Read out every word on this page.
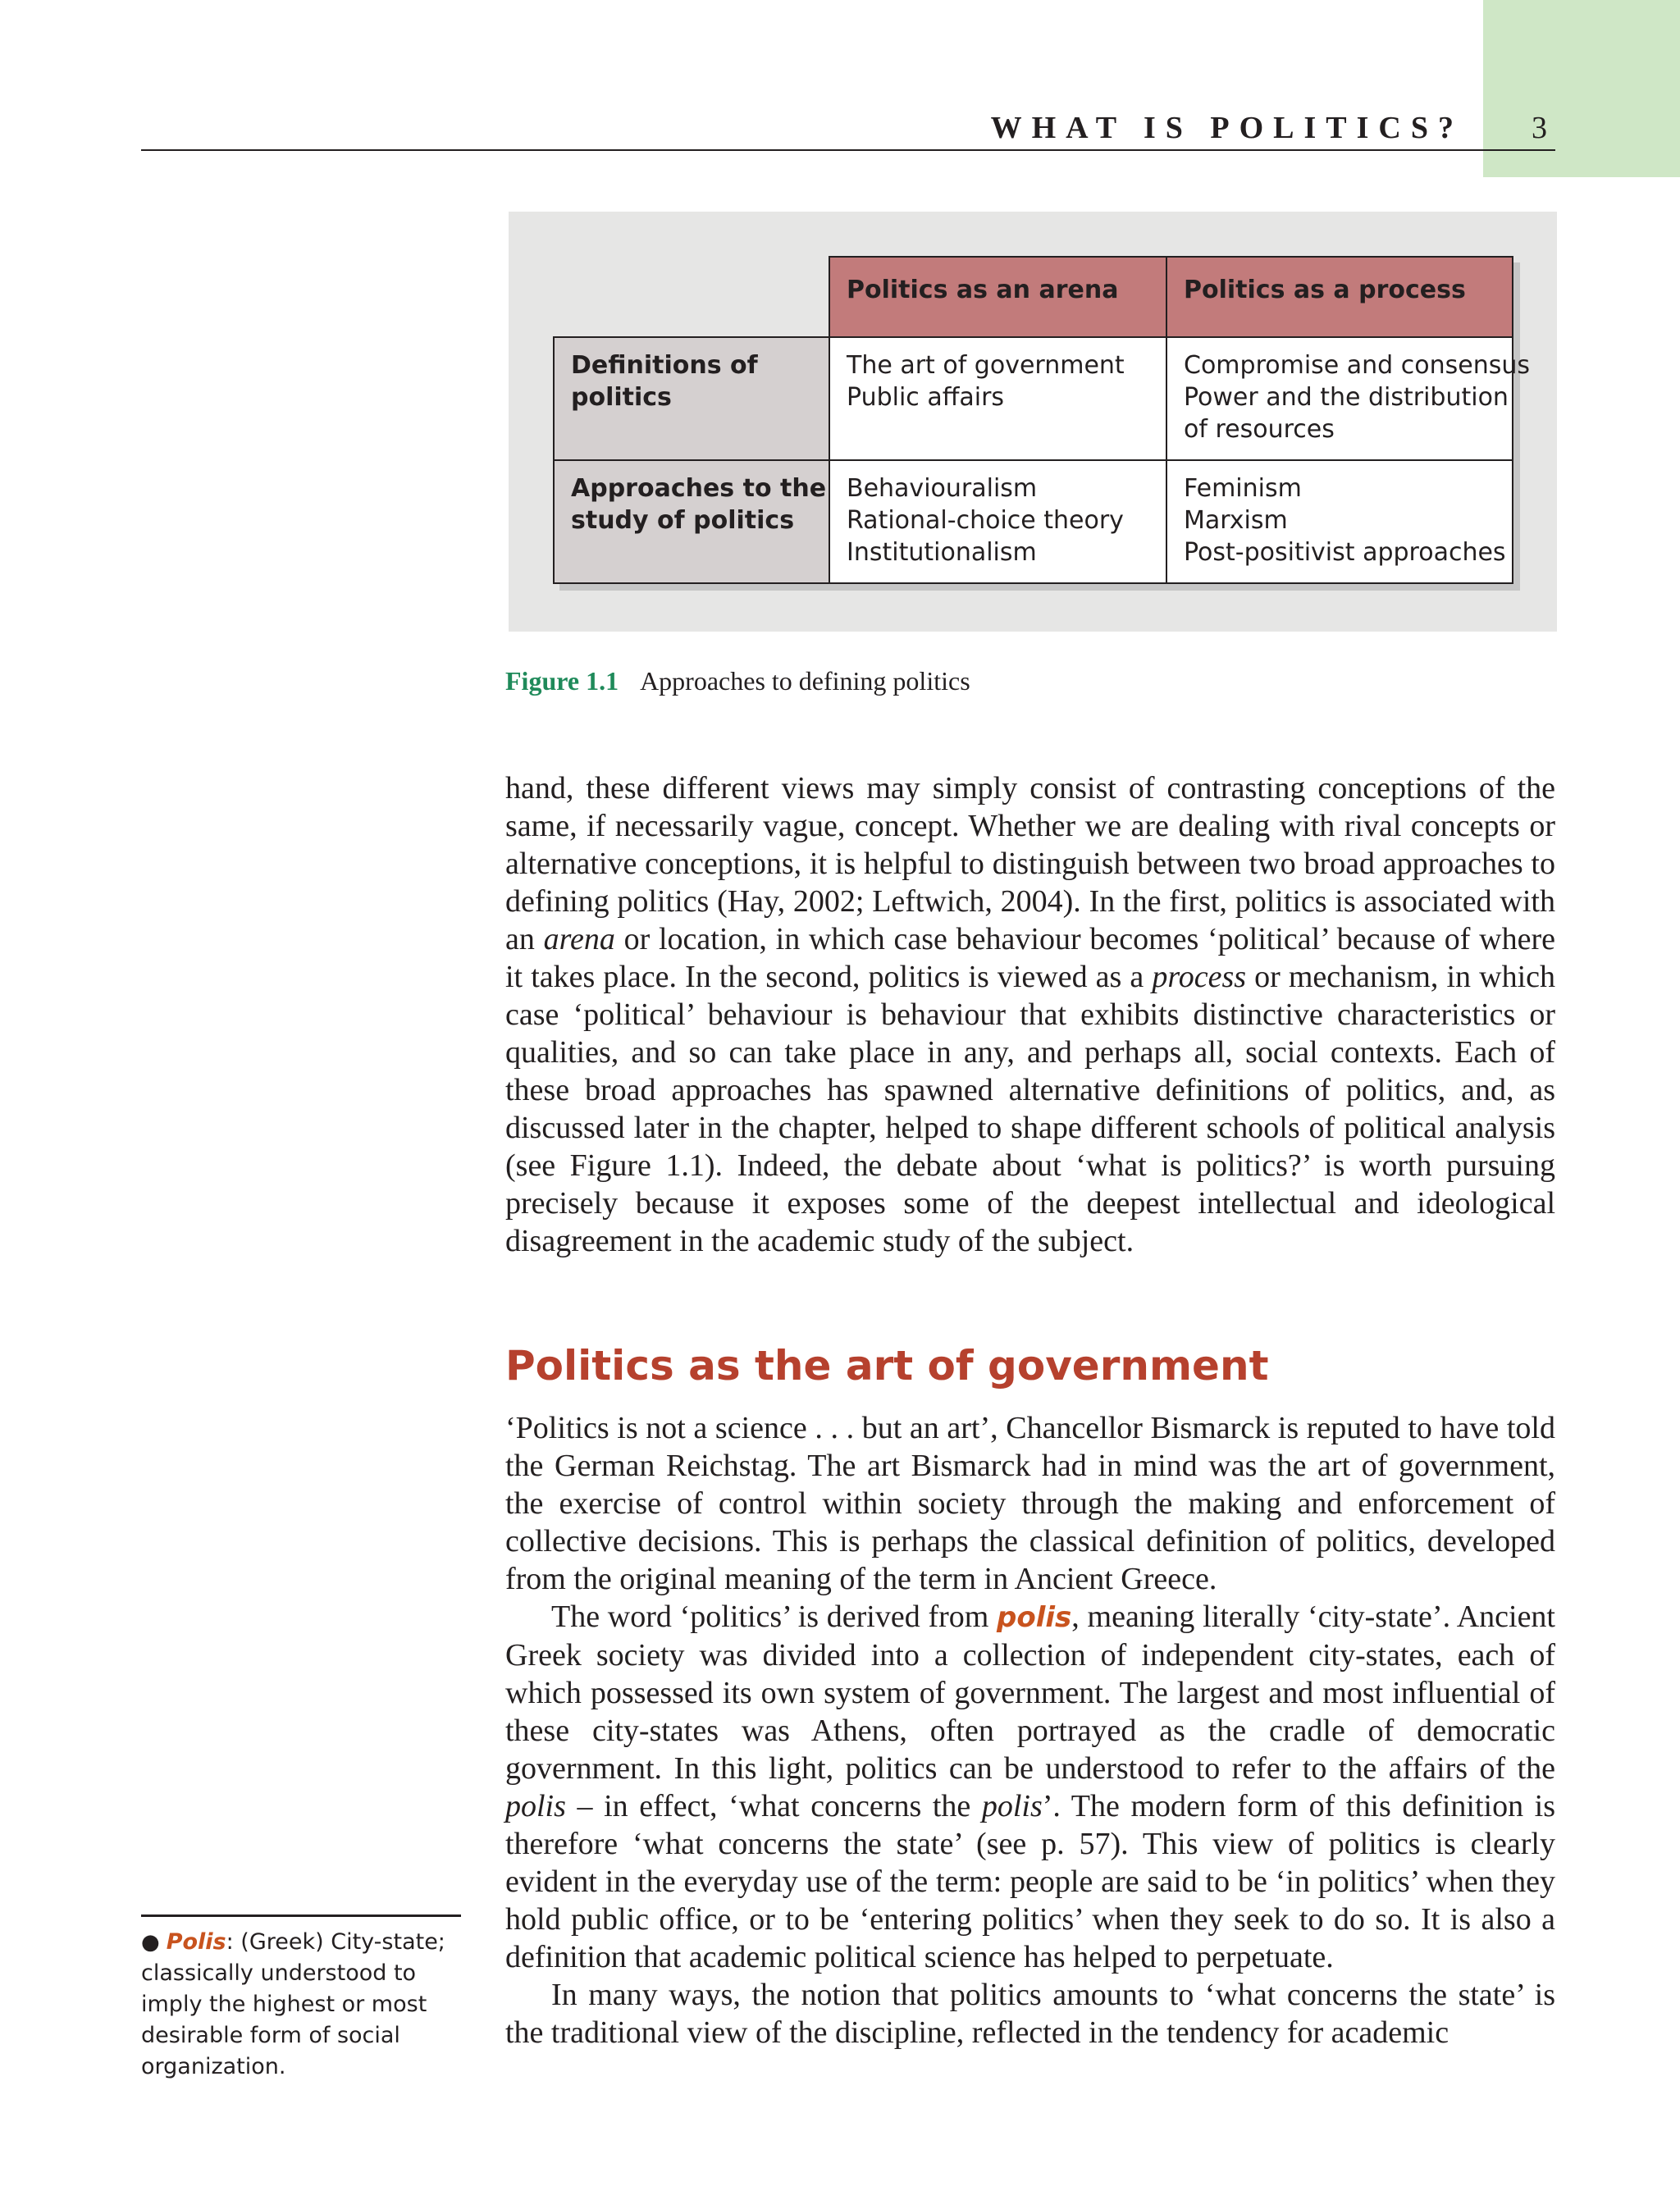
WHAT IS POLITICS? 3
Politics as an arena	Politics as a process
Definitions of
politics
The art of government
Public affairs
Compromise and consensus
Power and the distribution
of resources
Approaches to the
study of politics
Behaviouralism
Rational-choice theory
Institutionalism
Feminism
Marxism
Post-positivist approaches
Figure 1.1 Approaches to defining politics

hand, these different views may simply consist of contrasting conceptions of the same, if necessarily vague, concept. Whether we are dealing with rival concepts or alternative conceptions, it is helpful to distinguish between two broad approaches to defining politics (Hay, 2002; Leftwich, 2004). In the first, politics is associated with an arena or location, in which case behaviour becomes ‘political’ because of where it takes place. In the second, politics is viewed as a process or mechanism, in which case ‘political’ behaviour is behaviour that exhibits distinctive characteristics or qualities, and so can take place in any, and perhaps all, social contexts. Each of these broad approaches has spawned alternative definitions of politics, and, as discussed later in the chapter, helped to shape different schools of political analysis (see Figure 1.1). Indeed, the debate about ‘what is politics?’ is worth pursuing precisely because it exposes some of the deepest intellectual and ideological disagreement in the academic study of the subject.

Politics as the art of government

‘Politics is not a science . . . but an art’, Chancellor Bismarck is reputed to have told the German Reichstag. The art Bismarck had in mind was the art of government, the exercise of control within society through the making and enforcement of collective decisions. This is perhaps the classical definition of politics, developed from the original meaning of the term in Ancient Greece.

The word ‘politics’ is derived from polis, meaning literally ‘city-state’. Ancient Greek society was divided into a collection of independent city-states, each of which possessed its own system of government. The largest and most influential of these city-states was Athens, often portrayed as the cradle of democratic government. In this light, politics can be understood to refer to the affairs of the polis – in effect, ‘what concerns the polis’. The modern form of this definition is therefore ‘what concerns the state’ (see p. 57). This view of politics is clearly evident in the everyday use of the term: people are said to be ‘in politics’ when they hold public office, or to be ‘entering politics’ when they seek to do so. It is also a definition that academic political science has helped to perpetuate.

In many ways, the notion that politics amounts to ‘what concerns the state’ is the traditional view of the discipline, reflected in the tendency for academic

● Polis: (Greek) City-state; classically understood to imply the highest or most desirable form of social organization.
